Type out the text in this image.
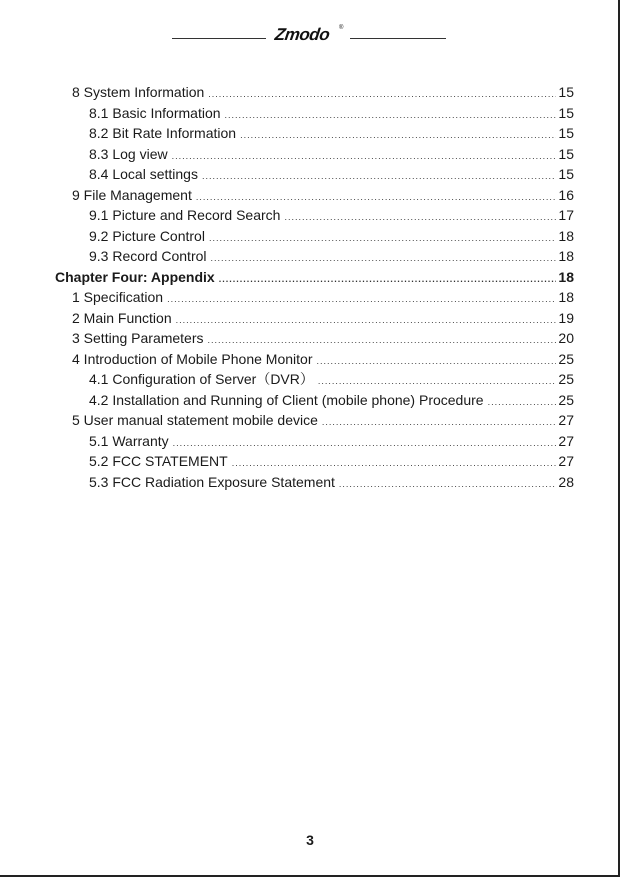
Zmodo ®
8 System Information .....	15
8.1 Basic Information .....	15
8.2 Bit Rate Information .....	15
8.3 Log view .....	15
8.4 Local settings .....	15
9 File Management .....	16
9.1 Picture and Record Search .....	17
9.2 Picture Control .....	18
9.3 Record Control .....	18
Chapter Four: Appendix .....	18
1 Specification .....	18
2 Main Function .....	19
3 Setting Parameters .....	20
4 Introduction of Mobile Phone Monitor .....	25
4.1 Configuration of Server（DVR） .....	25
4.2 Installation and Running of Client (mobile phone) Procedure .....	25
5 User manual statement mobile device .....	27
5.1 Warranty .....	27
5.2 FCC STATEMENT .....	27
5.3 FCC Radiation Exposure Statement .....	28
3
